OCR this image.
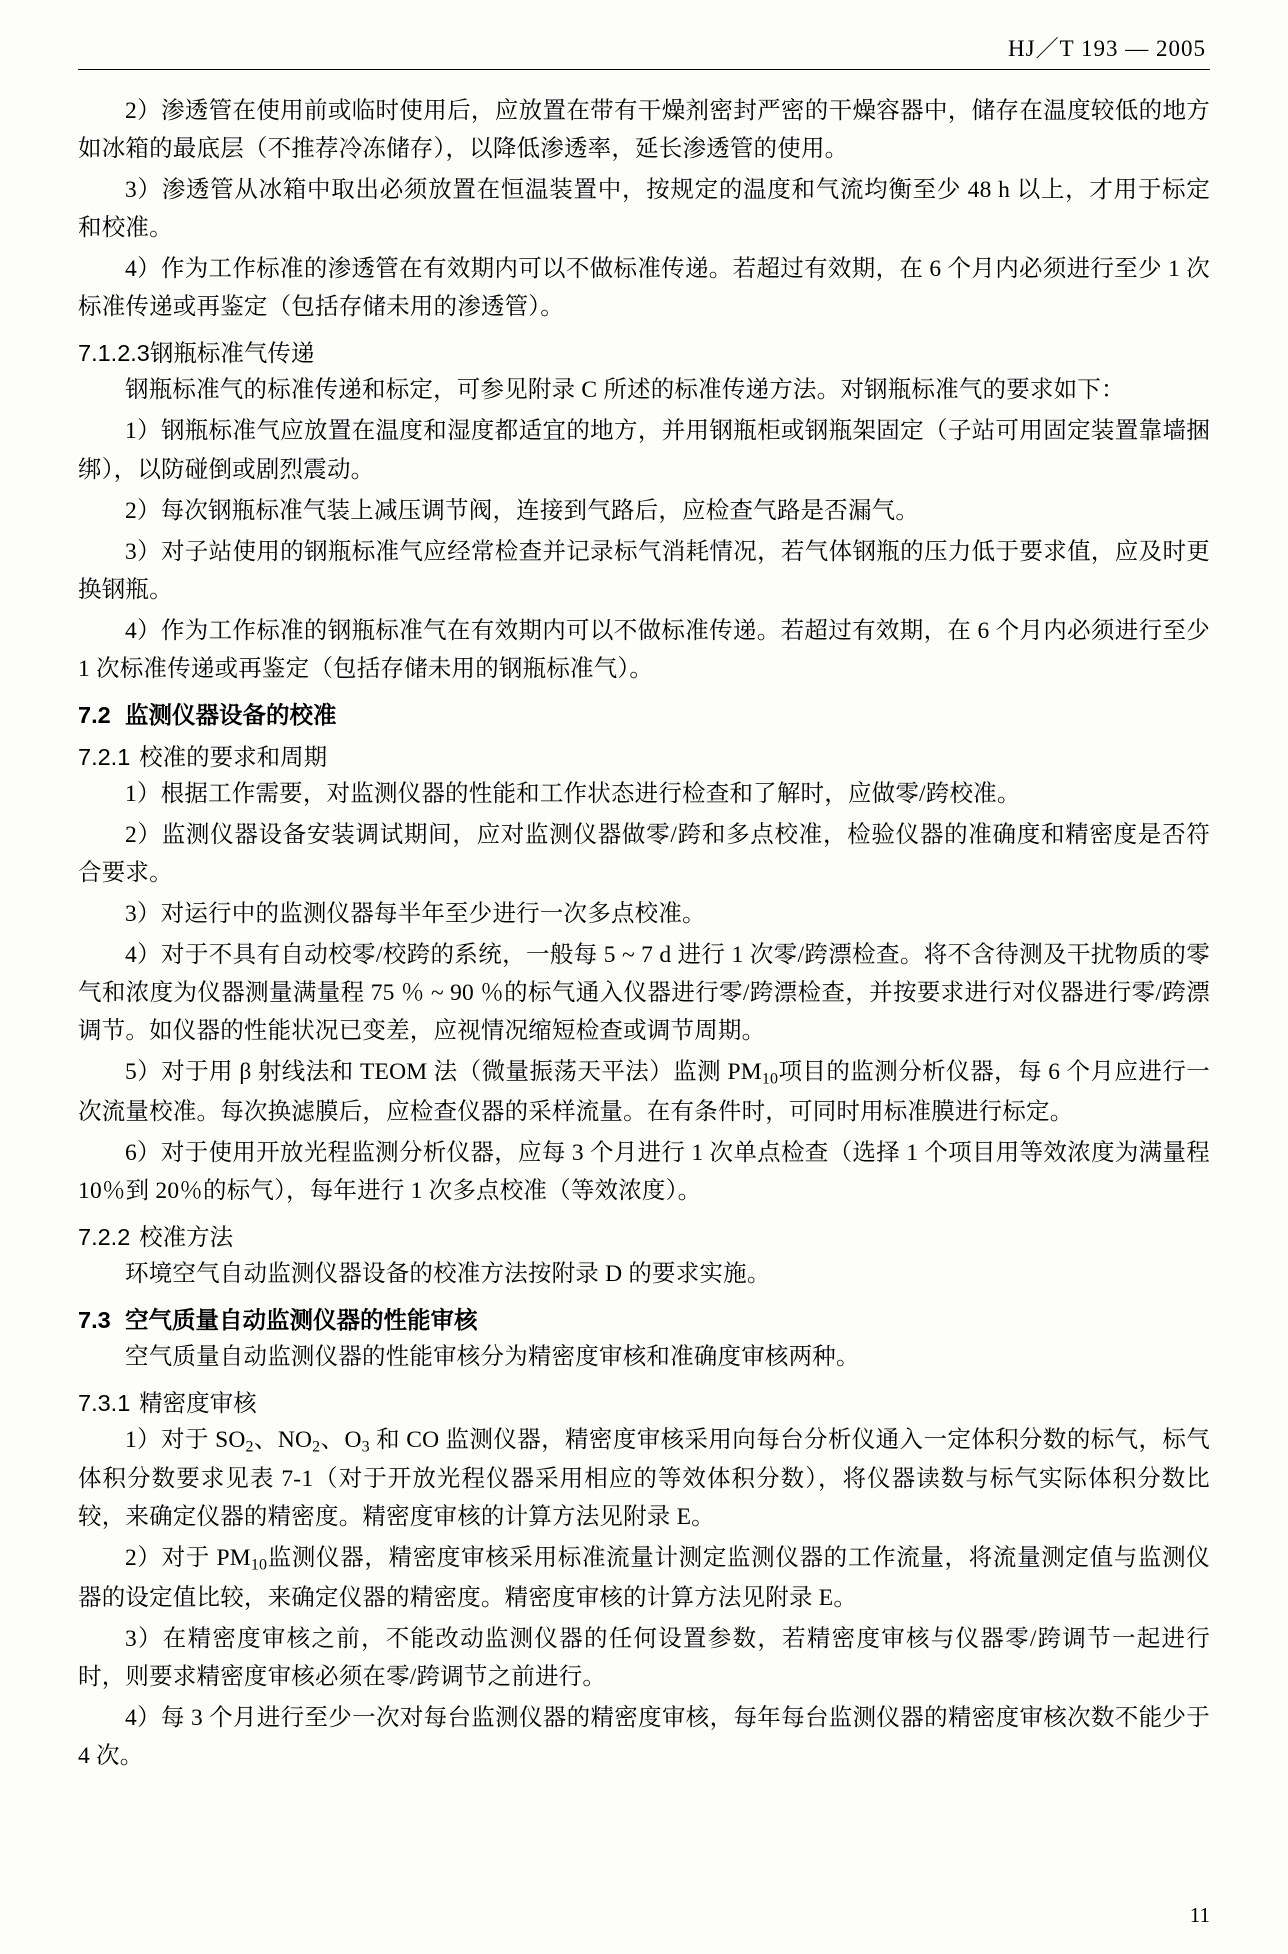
HJ／T 193 — 2005

2）渗透管在使用前或临时使用后，应放置在带有干燥剂密封严密的干燥容器中，储存在温度较低的地方如冰箱的最底层（不推荐冷冻储存），以降低渗透率，延长渗透管的使用。

3）渗透管从冰箱中取出必须放置在恒温装置中，按规定的温度和气流均衡至少 48 h 以上，才用于标定和校准。

4）作为工作标准的渗透管在有效期内可以不做标准传递。若超过有效期，在 6 个月内必须进行至少 1 次标准传递或再鉴定（包括存储未用的渗透管）。

7.1.2.3钢瓶标准气传递

钢瓶标准气的标准传递和标定，可参见附录 C 所述的标准传递方法。对钢瓶标准气的要求如下：

1）钢瓶标准气应放置在温度和湿度都适宜的地方，并用钢瓶柜或钢瓶架固定（子站可用固定装置靠墙捆绑），以防碰倒或剧烈震动。

2）每次钢瓶标准气装上减压调节阀，连接到气路后，应检查气路是否漏气。

3）对子站使用的钢瓶标准气应经常检查并记录标气消耗情况，若气体钢瓶的压力低于要求值，应及时更换钢瓶。

4）作为工作标准的钢瓶标准气在有效期内可以不做标准传递。若超过有效期，在 6 个月内必须进行至少 1 次标准传递或再鉴定（包括存储未用的钢瓶标准气）。

7.2 监测仪器设备的校准
7.2.1 校准的要求和周期

1）根据工作需要，对监测仪器的性能和工作状态进行检查和了解时，应做零/跨校准。

2）监测仪器设备安装调试期间，应对监测仪器做零/跨和多点校准，检验仪器的准确度和精密度是否符合要求。

3）对运行中的监测仪器每半年至少进行一次多点校准。

4）对于不具有自动校零/校跨的系统，一般每 5 ~ 7 d 进行 1 次零/跨漂检查。将不含待测及干扰物质的零气和浓度为仪器测量满量程 75 ％ ~ 90 ％的标气通入仪器进行零/跨漂检查，并按要求进行对仪器进行零/跨漂调节。如仪器的性能状况已变差，应视情况缩短检查或调节周期。

5）对于用 β 射线法和 TEOM 法（微量振荡天平法）监测 $PM_{10}$项目的监测分析仪器，每 6 个月应进行一次流量校准。每次换滤膜后，应检查仪器的采样流量。在有条件时，可同时用标准膜进行标定。

6）对于使用开放光程监测分析仪器，应每 3 个月进行 1 次单点检查（选择 1 个项目用等效浓度为满量程 10％到 20％的标气），每年进行 1 次多点校准（等效浓度）。

7.2.2 校准方法

环境空气自动监测仪器设备的校准方法按附录 D 的要求实施。

7.3 空气质量自动监测仪器的性能审核

空气质量自动监测仪器的性能审核分为精密度审核和准确度审核两种。

7.3.1 精密度审核

1）对于 $SO_2$、$NO_2$、$O_3$ 和 CO 监测仪器，精密度审核采用向每台分析仪通入一定体积分数的标气，标气体积分数要求见表 7-1（对于开放光程仪器采用相应的等效体积分数），将仪器读数与标气实际体积分数比较，来确定仪器的精密度。精密度审核的计算方法见附录 E。

2）对于 $PM_{10}$监测仪器，精密度审核采用标准流量计测定监测仪器的工作流量，将流量测定值与监测仪器的设定值比较，来确定仪器的精密度。精密度审核的计算方法见附录 E。

3）在精密度审核之前，不能改动监测仪器的任何设置参数，若精密度审核与仪器零/跨调节一起进行时，则要求精密度审核必须在零/跨调节之前进行。

4）每 3 个月进行至少一次对每台监测仪器的精密度审核，每年每台监测仪器的精密度审核次数不能少于 4 次。

11
